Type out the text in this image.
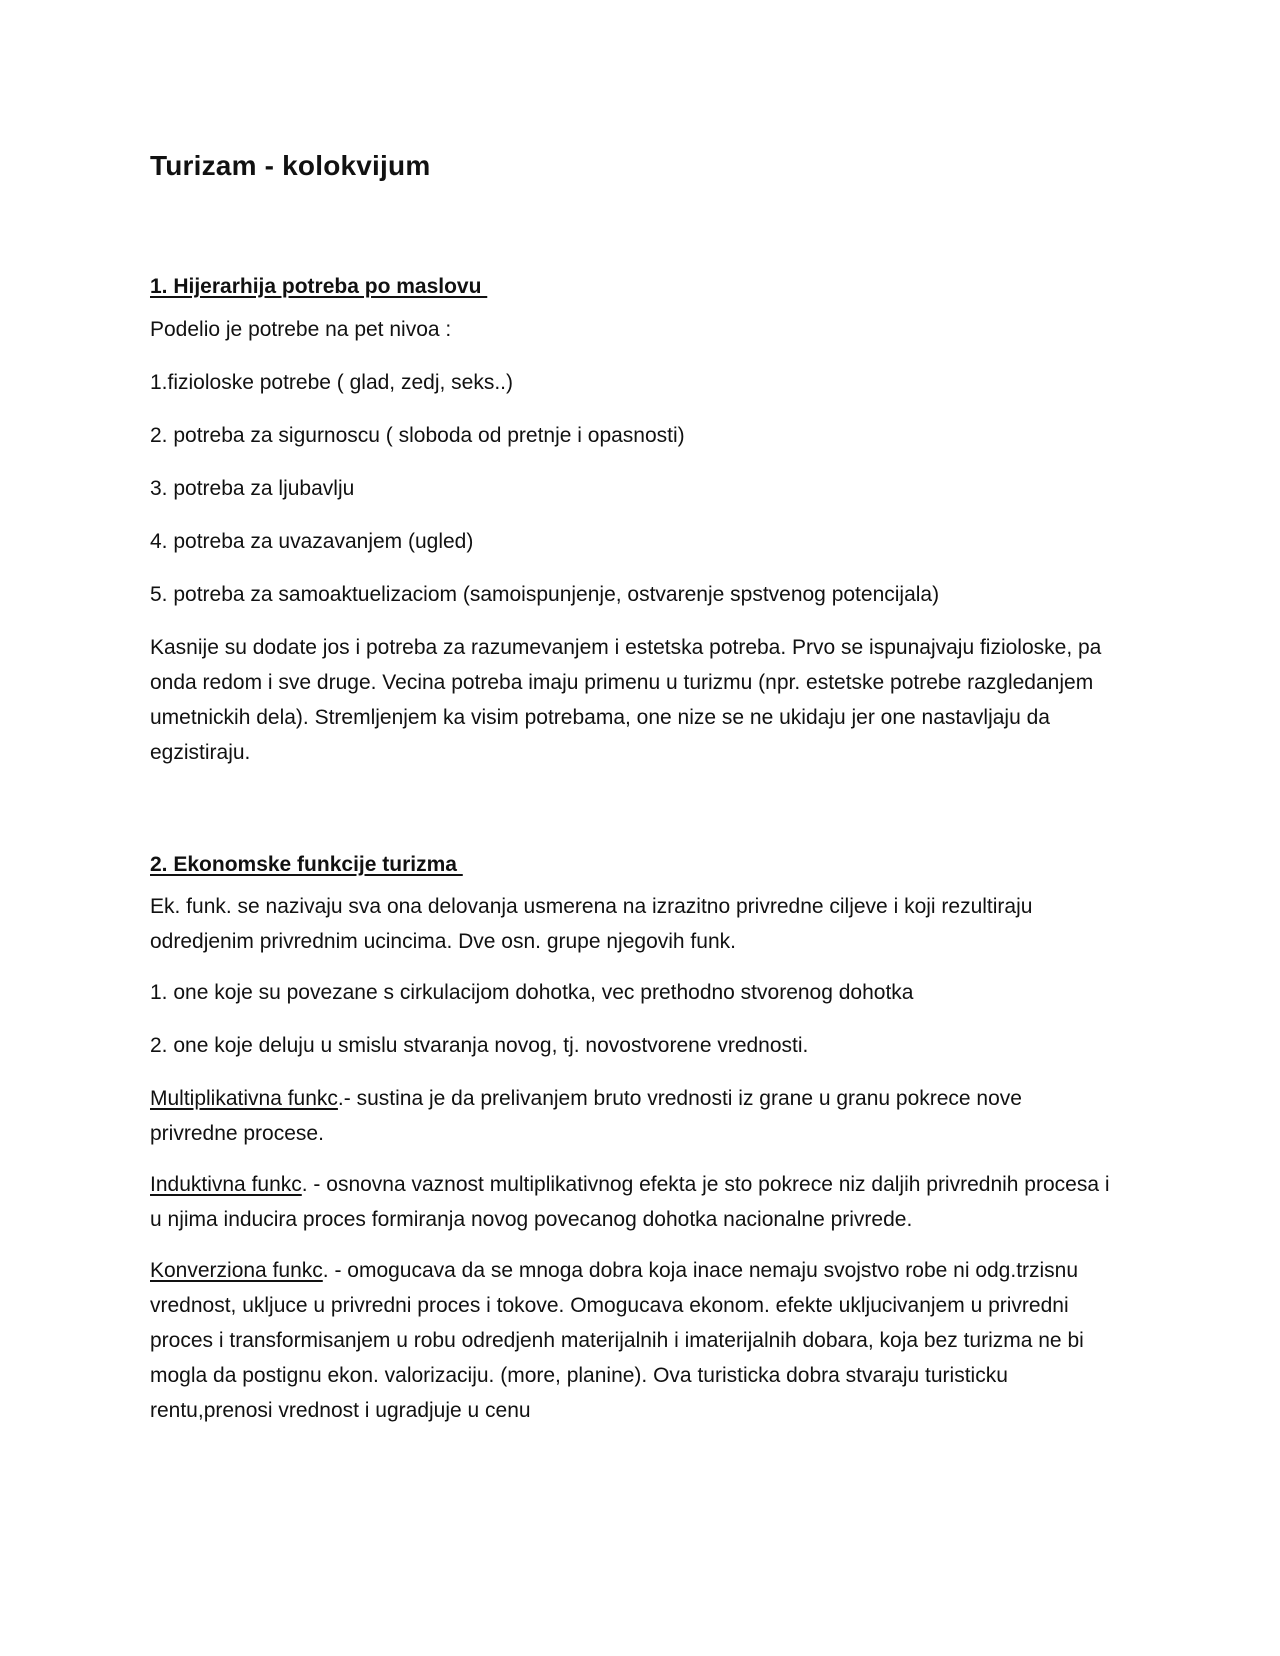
Turizam - kolokvijum
1. Hijerarhija potreba po maslovu

Podelio je potrebe na pet nivoa :

1.fizioloske potrebe ( glad, zedj, seks..)

2. potreba za sigurnoscu ( sloboda od pretnje i opasnosti)

3. potreba za ljubavlju

4. potreba za uvazavanjem (ugled)

5. potreba za samoaktuelizaciom (samoispunjenje, ostvarenje spstvenog potencijala)

Kasnije su dodate jos i potreba za razumevanjem i estetska potreba. Prvo se ispunajvaju fizioloske, pa onda redom i sve druge. Vecina potreba imaju primenu u turizmu (npr. estetske potrebe razgledanjem umetnickih dela). Stremljenjem ka visim potrebama, one nize se ne ukidaju jer one nastavljaju da egzistiraju.

2. Ekonomske funkcije turizma

Ek. funk. se nazivaju sva ona delovanja usmerena na izrazitno privredne ciljeve i koji rezultiraju odredjenim privrednim ucincima. Dve osn. grupe njegovih funk.

1. one koje su povezane s cirkulacijom dohotka, vec prethodno stvorenog dohotka

2. one koje deluju u smislu stvaranja novog, tj. novostvorene vrednosti.

Multiplikativna funkc.- sustina je da prelivanjem bruto vrednosti iz grane u granu pokrece nove privredne procese.

Induktivna funkc. - osnovna vaznost multiplikativnog efekta je sto pokrece niz daljih privrednih procesa i u njima inducira proces formiranja novog povecanog dohotka nacionalne privrede.

Konverziona funkc. - omogucava da se mnoga dobra koja inace nemaju svojstvo robe ni odg.trzisnu vrednost, ukljuce u privredni proces i tokove. Omogucava ekonom. efekte ukljucivanjem u privredni proces i transformisanjem u robu odredjenh materijalnih i imaterijalnih dobara, koja bez turizma ne bi mogla da postignu ekon. valorizaciju. (more, planine). Ova turisticka dobra stvaraju turisticku rentu,prenosi vrednost i ugradjuje u cenu
